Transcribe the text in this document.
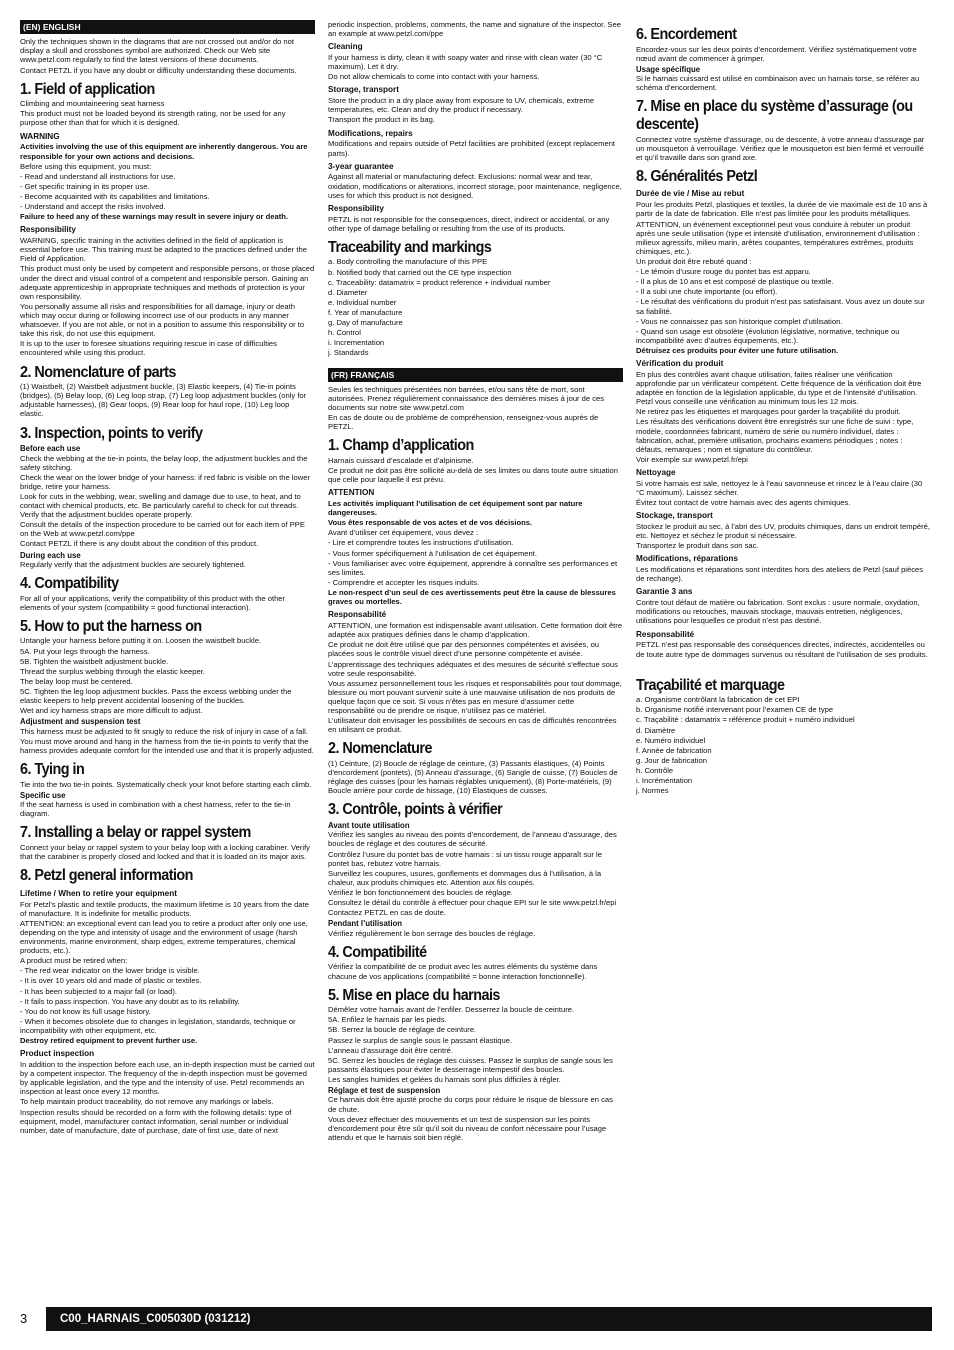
(EN) ENGLISH

Only the techniques shown in the diagrams that are not crossed out and/or do not display a skull and crossbones symbol are authorized. Check our Web site www.petzl.com regularly to find the latest versions of these documents.

Contact PETZL if you have any doubt or difficulty understanding these documents.

1. Field of application

Climbing and mountaineering seat harness

This product must not be loaded beyond its strength rating, nor be used for any purpose other than that for which it is designed.

WARNING

Activities involving the use of this equipment are inherently dangerous. You are responsible for your own actions and decisions.

Before using this equipment, you must:

- Read and understand all instructions for use.

- Get specific training in its proper use.

- Become acquainted with its capabilities and limitations.

- Understand and accept the risks involved.

Failure to heed any of these warnings may result in severe injury or death.

Responsibility

WARNING, specific training in the activities defined in the field of application is essential before use. This training must be adapted to the practices defined under the Field of Application.

This product must only be used by competent and responsible persons, or those placed under the direct and visual control of a competent and responsible person. Gaining an adequate apprenticeship in appropriate techniques and methods of protection is your own responsibility.

You personally assume all risks and responsibilities for all damage, injury or death which may occur during or following incorrect use of our products in any manner whatsoever. If you are not able, or not in a position to assume this responsibility or to take this risk, do not use this equipment.

It is up to the user to foresee situations requiring rescue in case of difficulties encountered while using this product.

2. Nomenclature of parts

(1) Waistbelt, (2) Waistbelt adjustment buckle, (3) Elastic keepers, (4) Tie-in points (bridges), (5) Belay loop, (6) Leg loop strap, (7) Leg loop adjustment buckles (only for adjustable harnesses), (8) Gear loops, (9) Rear loop for haul rope, (10) Leg loop elastic.

3. Inspection, points to verify
Before each use

Check the webbing at the tie-in points, the belay loop, the adjustment buckles and the safety stitching.

Check the wear on the lower bridge of your harness: if red fabric is visible on the lower bridge, retire your harness.

Look for cuts in the webbing, wear, swelling and damage due to use, to heat, and to contact with chemical products, etc. Be particularly careful to check for cut threads. Verify that the adjustment buckles operate properly.

Consult the details of the inspection procedure to be carried out for each item of PPE on the Web at www.petzl.com/ppe

Contact PETZL if there is any doubt about the condition of this product.

During each use

Regularly verify that the adjustment buckles are securely tightened.

4. Compatibility

For all of your applications, verify the compatibility of this product with the other elements of your system (compatibility = good functional interaction).

5. How to put the harness on

Untangle your harness before putting it on. Loosen the waistbelt buckle.

5A. Put your legs through the harness.

5B. Tighten the waistbelt adjustment buckle.

Thread the surplus webbing through the elastic keeper.

The belay loop must be centered.

5C. Tighten the leg loop adjustment buckles. Pass the excess webbing under the elastic keepers to help prevent accidental loosening of the buckles.

Wet and icy harness straps are more difficult to adjust.

Adjustment and suspension test

This harness must be adjusted to fit snugly to reduce the risk of injury in case of a fall.

You must move around and hang in the harness from the tie-in points to verify that the harness provides adequate comfort for the intended use and that it is properly adjusted.

6. Tying in

Tie into the two tie-in points. Systematically check your knot before starting each climb.

Specific use

If the seat harness is used in combination with a chest harness, refer to the tie-in diagram.

7. Installing a belay or rappel system

Connect your belay or rappel system to your belay loop with a locking carabiner. Verify that the carabiner is properly closed and locked and that it is loaded on its major axis.

8. Petzl general information
Lifetime / When to retire your equipment

For Petzl's plastic and textile products, the maximum lifetime is 10 years from the date of manufacture. It is indefinite for metallic products.

ATTENTION: an exceptional event can lead you to retire a product after only one use, depending on the type and intensity of usage and the environment of usage (harsh environments, marine environment, sharp edges, extreme temperatures, chemical products, etc.).

A product must be retired when:

- The red wear indicator on the lower bridge is visible.

- It is over 10 years old and made of plastic or textiles.

- It has been subjected to a major fall (or load).

- It fails to pass inspection. You have any doubt as to its reliability.

- You do not know its full usage history.

- When it becomes obsolete due to changes in legislation, standards, technique or incompatibility with other equipment, etc.

Destroy retired equipment to prevent further use.

Product inspection

In addition to the inspection before each use, an in-depth inspection must be carried out by a competent inspector. The frequency of the in-depth inspection must be governed by applicable legislation, and the type and the intensity of use. Petzl recommends an inspection at least once every 12 months.

To help maintain product traceability, do not remove any markings or labels.

Inspection results should be recorded on a form with the following details: type of equipment, model, manufacturer contact information, serial number or individual number, date of manufacture, date of purchase, date of first use, date of next

periodic inspection, problems, comments, the name and signature of the inspector. See an example at www.petzl.com/ppe

Cleaning

If your harness is dirty, clean it with soapy water and rinse with clean water (30 °C maximum). Let it dry.

Do not allow chemicals to come into contact with your harness.

Storage, transport

Store the product in a dry place away from exposure to UV, chemicals, extreme temperatures, etc. Clean and dry the product if necessary.

Transport the product in its bag.

Modifications, repairs

Modifications and repairs outside of Petzl facilities are prohibited (except replacement parts).

3-year guarantee

Against all material or manufacturing defect. Exclusions: normal wear and tear, oxidation, modifications or alterations, incorrect storage, poor maintenance, negligence, uses for which this product is not designed.

Responsibility

PETZL is not responsible for the consequences, direct, indirect or accidental, or any other type of damage befalling or resulting from the use of its products.

Traceability and markings

a. Body controlling the manufacture of this PPE

b. Notified body that carried out the CE type inspection

c. Traceability: datamatrix = product reference + individual number

d. Diameter

e. Individual number

f. Year of manufacture

g. Day of manufacture

h. Control

i. Incrementation

j. Standards

(FR) FRANÇAIS

Seules les techniques présentées non barrées, et/ou sans tête de mort, sont autorisées. Prenez régulièrement connaissance des dernières mises à jour de ces documents sur notre site www.petzl.com

En cas de doute ou de problème de compréhension, renseignez-vous auprès de PETZL.

1. Champ d’application

Harnais cuissard d’escalade et d’alpinisme.

Ce produit ne doit pas être sollicité au-delà de ses limites ou dans toute autre situation que celle pour laquelle il est prévu.

ATTENTION

Les activités impliquant l’utilisation de cet équipement sont par nature dangereuses.

Vous êtes responsable de vos actes et de vos décisions.

Avant d’utiliser cet équipement, vous devez :

- Lire et comprendre toutes les instructions d’utilisation.

- Vous former spécifiquement à l’utilisation de cet équipement.

- Vous familiariser avec votre équipement, apprendre à connaître ses performances et ses limites.

- Comprendre et accepter les risques induits.

Le non-respect d’un seul de ces avertissements peut être la cause de blessures graves ou mortelles.

Responsabilité

ATTENTION, une formation est indispensable avant utilisation. Cette formation doit être adaptée aux pratiques définies dans le champ d’application.

Ce produit ne doit être utilisé que par des personnes compétentes et avisées, ou placées sous le contrôle visuel direct d’une personne compétente et avisée.

L’apprentissage des techniques adéquates et des mesures de sécurité s’effectue sous votre seule responsabilité.

Vous assumez personnellement tous les risques et responsabilités pour tout dommage, blessure ou mort pouvant survenir suite à une mauvaise utilisation de nos produits de quelque façon que ce soit. Si vous n’êtes pas en mesure d’assumer cette responsabilité ou de prendre ce risque, n’utilisez pas ce matériel.

L’utilisateur doit envisager les possibilités de secours en cas de difficultés rencontrées en utilisant ce produit.

2. Nomenclature

(1) Ceinture, (2) Boucle de réglage de ceinture, (3) Passants élastiques, (4) Points d’encordement (pontets), (5) Anneau d’assurage, (6) Sangle de cuisse, (7) Boucles de réglage des cuisses (pour les harnais réglables uniquement), (8) Porte-matériels, (9) Boucle arrière pour corde de hissage, (10) Élastiques de cuisses.

3. Contrôle, points à vérifier
Avant toute utilisation

Vérifiez les sangles au niveau des points d’encordement, de l’anneau d’assurage, des boucles de réglage et des coutures de sécurité.

Contrôlez l’usure du pontet bas de votre harnais : si un tissu rouge apparaît sur le pontet bas, rebutez votre harnais.

Surveillez les coupures, usures, gonflements et dommages dus à l’utilisation, à la chaleur, aux produits chimiques etc. Attention aux fils coupés.

Vérifiez le bon fonctionnement des boucles de réglage.

Consultez le détail du contrôle à effectuer pour chaque EPI sur le site www.petzl.fr/epi

Contactez PETZL en cas de doute.

Pendant l’utilisation

Vérifiez régulièrement le bon serrage des boucles de réglage.

4. Compatibilité

Vérifiez la compatibilité de ce produit avec les autres éléments du système dans chacune de vos applications (compatibilité = bonne interaction fonctionnelle).

5. Mise en place du harnais

Démêlez votre harnais avant de l’enfiler. Desserrez la boucle de ceinture.

5A. Enfilez le harnais par les pieds.

5B. Serrez la boucle de réglage de ceinture.

Passez le surplus de sangle sous le passant élastique.

L’anneau d’assurage doit être centré.

5C. Serrez les boucles de réglage des cuisses. Passez le surplus de sangle sous les passants élastiques pour éviter le desserrage intempestif des boucles.

Les sangles humides et gelées du harnais sont plus difficiles à régler.

Réglage et test de suspension

Ce harnais doit être ajusté proche du corps pour réduire le risque de blessure en cas de chute.

Vous devez effectuer des mouvements et un test de suspension sur les points d’encordement pour être sûr qu’il soit du niveau de confort nécessaire pour l’usage attendu et que le harnais soit bien réglé.

6. Encordement

Encordez-vous sur les deux points d’encordement. Vérifiez systématiquement votre nœud avant de commencer à grimper.

Usage spécifique

Si le harnais cuissard est utilisé en combinaison avec un harnais torse, se référer au schéma d’encordement.

7. Mise en place du système d’assurage (ou descente)

Connectez votre système d’assurage, ou de descente, à votre anneau d’assurage par un mousqueton à verrouillage. Vérifiez que le mousqueton est bien fermé et verrouillé et qu’il travaille dans son grand axe.

8. Généralités Petzl
Durée de vie / Mise au rebut

Pour les produits Petzl, plastiques et textiles, la durée de vie maximale est de 10 ans à partir de la date de fabrication. Elle n’est pas limitée pour les produits métalliques.

ATTENTION, un événement exceptionnel peut vous conduire à rebuter un produit après une seule utilisation (type et intensité d’utilisation, environnement d’utilisation : milieux agressifs, milieu marin, arêtes coupantes, températures extrêmes, produits chimiques, etc.).

Un produit doit être rebuté quand :

- Le témoin d’usure rouge du pontet bas est apparu.

- Il a plus de 10 ans et est composé de plastique ou textile.

- Il a subi une chute importante (ou effort).

- Le résultat des vérifications du produit n’est pas satisfaisant. Vous avez un doute sur sa fiabilité.

- Vous ne connaissez pas son historique complet d’utilisation.

- Quand son usage est obsolète (évolution législative, normative, technique ou incompatibilité avec d’autres équipements, etc.).

Détruisez ces produits pour éviter une future utilisation.

Vérification du produit

En plus des contrôles avant chaque utilisation, faites réaliser une vérification approfondie par un vérificateur compétent. Cette fréquence de la vérification doit être adaptée en fonction de la législation applicable, du type et de l’intensité d’utilisation. Petzl vous conseille une vérification au minimum tous les 12 mois.

Ne retirez pas les étiquettes et marquages pour garder la traçabilité du produit.

Les résultats des vérifications doivent être enregistrés sur une fiche de suivi : type, modèle, coordonnées fabricant, numéro de série ou numéro individuel, dates : fabrication, achat, première utilisation, prochains examens périodiques ; notes : défauts, remarques ; nom et signature du contrôleur.

Voir exemple sur www.petzl.fr/epi

Nettoyage

Si votre harnais est sale, nettoyez le à l’eau savonneuse et rincez le à l’eau claire (30 °C maximum). Laissez sécher.

Évitez tout contact de votre harnais avec des agents chimiques.

Stockage, transport

Stockez le produit au sec, à l’abri des UV, produits chimiques, dans un endroit tempéré, etc. Nettoyez et séchez le produit si nécessaire.

Transportez le produit dans son sac.

Modifications, réparations

Les modifications et réparations sont interdites hors des ateliers de Petzl (sauf pièces de rechange).

Garantie 3 ans

Contre tout défaut de matière ou fabrication. Sont exclus : usure normale, oxydation, modifications ou retouches, mauvais stockage, mauvais entretien, négligences, utilisations pour lesquelles ce produit n’est pas destiné.

Responsabilité

PETZL n’est pas responsable des conséquences directes, indirectes, accidentelles ou de toute autre type de dommages survenus ou résultant de l’utilisation de ses produits.

Traçabilité et marquage

a. Organisme contrôlant la fabrication de cet EPI

b. Organisme notifié intervenant pour l’examen CE de type

c. Traçabilité : datamatrix = référence produit + numéro individuel

d. Diamètre

e. Numéro individuel

f. Année de fabrication

g. Jour de fabrication

h. Contrôle

i. Incrémentation

j. Normes

3	C00_HARNAIS_C005030D (031212)
